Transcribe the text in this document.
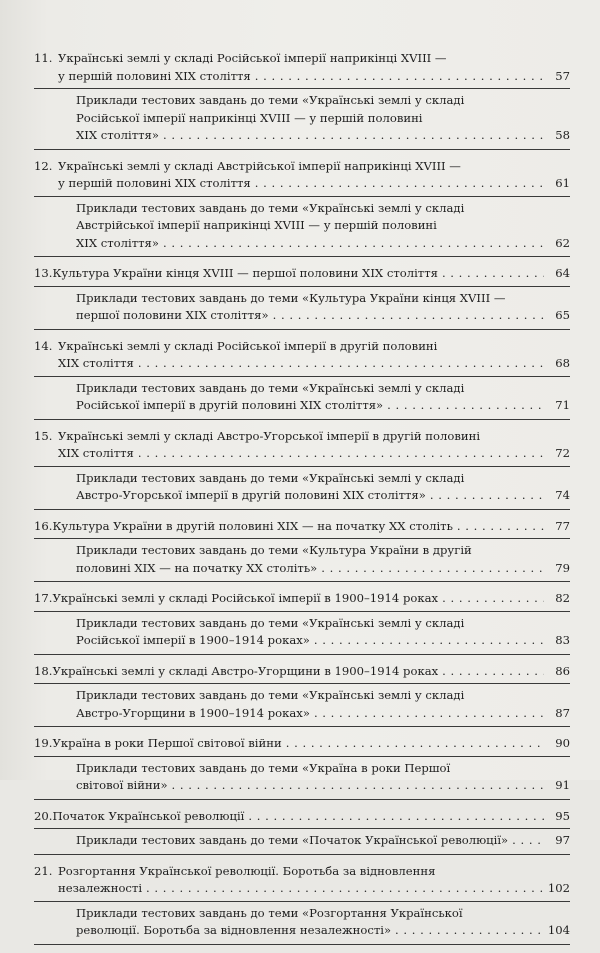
11. Українські землі у складі Російської імперії наприкінці XVIII —
у першій половині XIX століття . . .	57
Приклади тестових завдань до теми «Українські землі у складі
Російської імперії наприкінці XVIII — у першій половині
XIX століття» . . .	58
12. Українські землі у складі Австрійської імперії наприкінці XVIII —
у першій половині XIX століття . . .	61
Приклади тестових завдань до теми «Українські землі у складі
Австрійської імперії наприкінці XVIII — у першій половині
XIX століття» . . .	62
13. Культура України кінця XVIII — першої половини XIX століття . . .	64
Приклади тестових завдань до теми «Культура України кінця XVIII —
першої половини XIX століття» . . .	65
14. Українські землі у складі Російської імперії в другій половині
XIX століття . . .	68
Приклади тестових завдань до теми «Українські землі у складі
Російської імперії в другій половині XIX століття» . . .	71
15. Українські землі у складі Австро-Угорської імперії в другій половині
XIX століття . . .	72
Приклади тестових завдань до теми «Українські землі у складі
Австро-Угорської імперії в другій половині XIX століття» . . .	74
16. Культура України в другій половині XIX — на початку XX століть . . .	77
Приклади тестових завдань до теми «Культура України в другій
половині XIX — на початку XX століть» . . .	79
17. Українські землі у складі Російської імперії в 1900–1914 роках . . .	82
Приклади тестових завдань до теми «Українські землі у складі
Російської імперії в 1900–1914 роках» . . .	83
18. Українські землі у складі Австро-Угорщини в 1900–1914 роках . . .	86
Приклади тестових завдань до теми «Українські землі у складі
Австро-Угорщини в 1900–1914 роках» . . .	87
19. Україна в роки Першої світової війни . . .	90
Приклади тестових завдань до теми «Україна в роки Першої
світової війни» . . .	91
20. Початок Української революції . . .	95
Приклади тестових завдань до теми «Початок Української революції» . . .	97
21. Розгортання Української революції. Боротьба за відновлення
незалежності . . .	102
Приклади тестових завдань до теми «Розгортання Української
революції. Боротьба за відновлення незалежності» . . .	104
